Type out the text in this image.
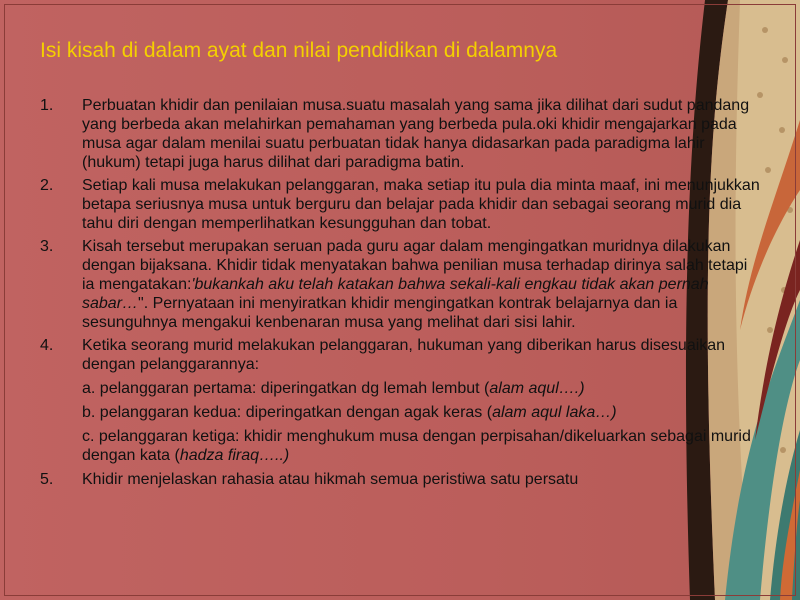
Isi kisah di dalam ayat dan nilai pendidikan di dalamnya
1. Perbuatan khidir dan penilaian musa.suatu masalah yang sama jika dilihat dari sudut pandang yang berbeda akan melahirkan pemahaman yang berbeda pula.oki khidir mengajarkan pada musa agar dalam menilai suatu perbuatan tidak hanya didasarkan pada paradigma lahir (hukum) tetapi juga harus dilihat dari paradigma batin.
2. Setiap kali musa melakukan pelanggaran, maka setiap itu pula dia minta maaf, ini menunjukkan betapa seriusnya musa untuk berguru dan belajar pada khidir dan sebagai seorang murid dia tahu diri dengan memperlihatkan kesungguhan dan tobat.
3. Kisah tersebut merupakan seruan pada guru agar dalam mengingatkan muridnya dilakukan dengan bijaksana. Khidir tidak menyatakan bahwa penilian musa terhadap dirinya salah tetapi ia mengatakan:'bukankah aku telah katakan bahwa sekali-kali engkau tidak akan pernah sabar…". Pernyataan ini menyiratkan khidir mengingatkan kontrak belajarnya dan ia sesunguhnya mengakui kenbenaran musa yang melihat dari sisi lahir.
4. Ketika seorang murid melakukan pelanggaran, hukuman yang diberikan harus disesuaikan dengan pelanggarannya:
a. pelanggaran pertama: diperingatkan dg lemah lembut (alam aqul….)
b. pelanggaran kedua: diperingatkan dengan agak keras (alam aqul laka…)
c. pelanggaran ketiga: khidir menghukum musa dengan perpisahan/dikeluarkan sebagai murid dengan kata (hadza firaq…..)
5. Khidir menjelaskan rahasia atau hikmah semua peristiwa satu persatu
